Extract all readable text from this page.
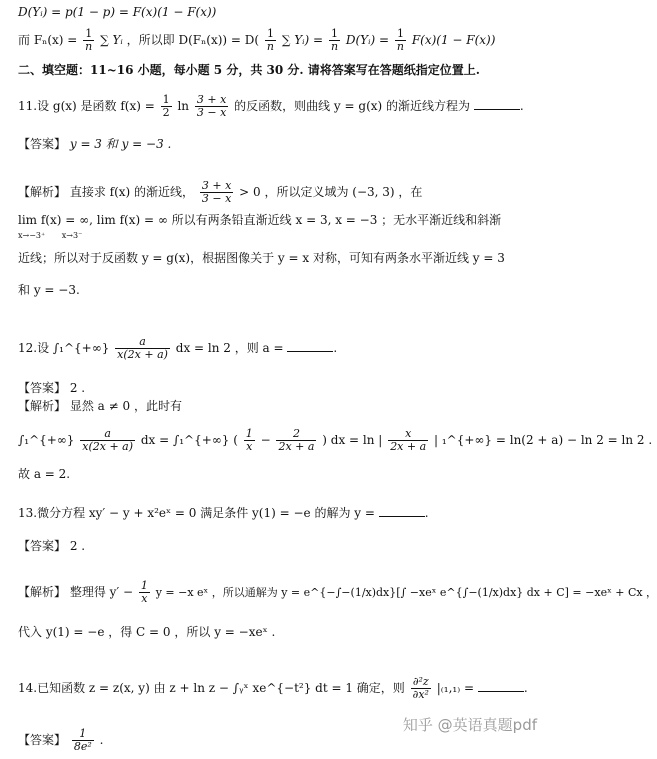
D(Yᵢ) = p(1 − p) = F(x)(1 − F(x))
而 $F_n(x) = \frac{1}{n}$ ∑ Yᵢ ，所以即 $D(F_n(x)) = D( \frac{1}{n}$ ∑ Yᵢ) = $\frac{1}{n}$ D(Yᵢ) = $\frac{1}{n} F(x)(1 - F(x))$
二、填空题：11~16 小题，每小题 5 分，共 30 分. 请将答案写在答题纸指定位置上.
11.设 g(x) 是函数 $f(x) = \frac{1}{2}$ $\ln \frac{3 + x}{3 - x}$ 的反函数，则曲线 y = g(x) 的渐近线方程为	.
【答案】 y = 3 和 y = −3 .
【解析】 直接求 f(x) 的渐近线， $\frac{3 + x}{3 - x} > 0$ ，所以定义域为 (−3, 3) ，在
lim f(x) = ∞, lim f(x) = ∞ 所以有两条铅直渐近线 x = 3, x = −3 ；无水平渐近线和斜渐
x→−3⁺ x→3⁻
近线；所以对于反函数 y = g(x)，根据图像关于 y = x 对称，可知有两条水平渐近线 y = 3
和 y = −3.
12.设 ∫₁^{+∞} $\frac{a}{x(2x + a)}$ dx = ln 2 ，则 a =	.
【答案】 2 .
【解析】 显然 a ≠ 0 ，此时有
∫₁^{+∞} $\frac{a}{x(2x + a)}$ dx = ∫₁^{+∞} ( $\frac{1}{x} - \frac{2}{2x + a}$ ) dx = ln | $\frac{x}{2x + a}$ | ₁^{+∞} = ln(2 + a) − ln 2 = ln 2 .
故 a = 2.
13.微分方程 xy′ − y + x²eˣ = 0 满足条件 y(1) = −e 的解为 y =	.
【答案】 2 .
【解析】 整理得 $y' - \frac{1}{x}$ y = −x eˣ ，所以通解为 y = e^{−∫−(1/x)dx}[∫ −xeˣ e^{∫−(1/x)dx} dx + C] = −xeˣ + Cx ，
代入 y(1) = −e ，得 C = 0 ，所以 y = −xeˣ .
14.已知函数 z = z(x, y) 由 z + ln z − ∫ᵧˣ xe^{−t²} dt = 1 确定，则 $\frac{\text{∂²z}}{\text{∂x²}} |_{(1},_{1)}$ =	.
【答案】 $\frac{1}{\text{8e²}}$ .
知乎 @英语真题pdf
